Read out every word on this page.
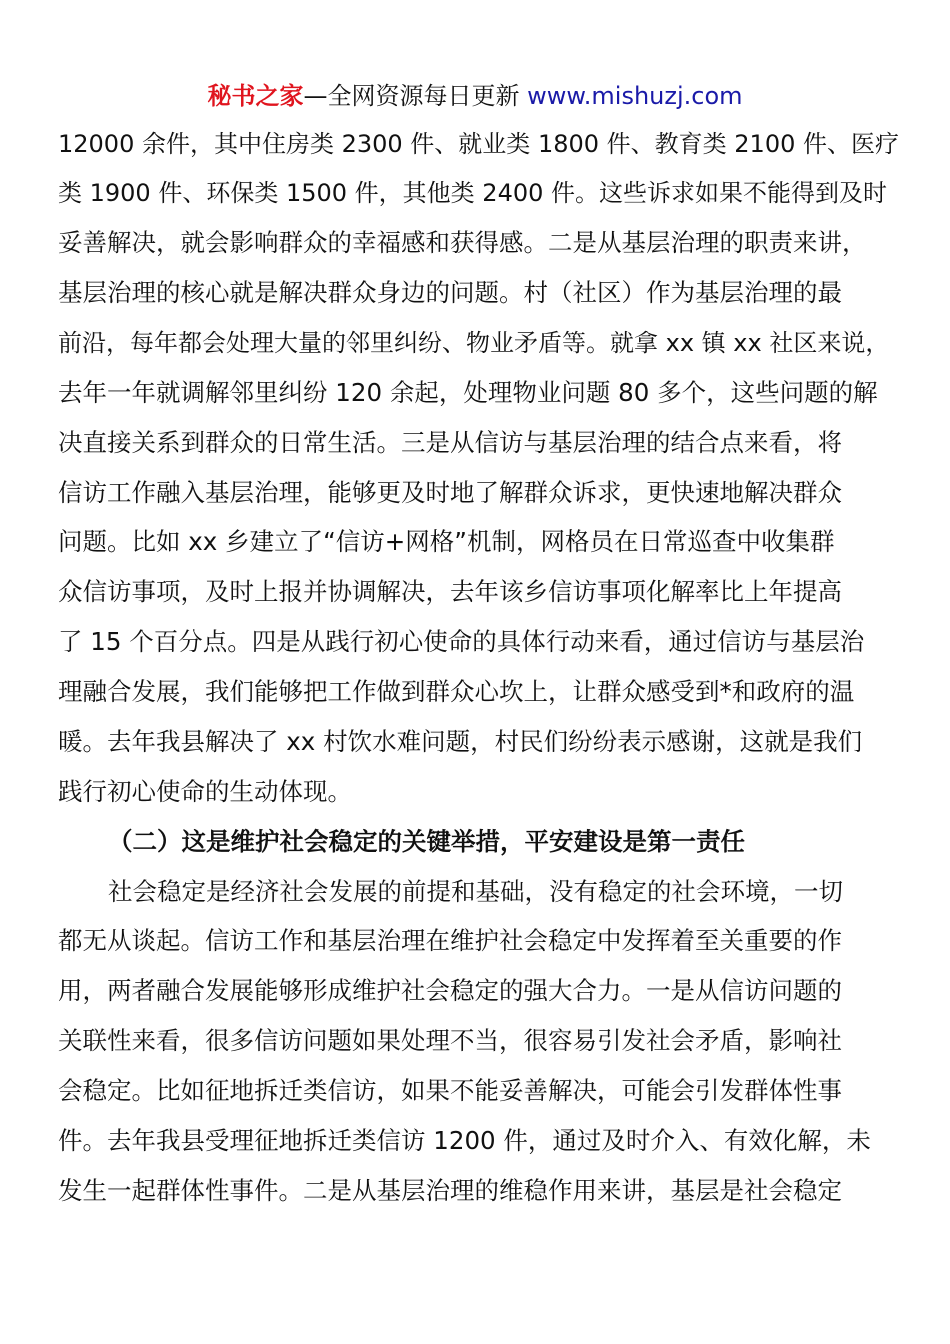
秘书之家—全网资源每日更新 www.mishuzj.com
12000 余件，其中住房类 2300 件、就业类 1800 件、教育类 2100 件、医疗
类 1900 件、环保类 1500 件，其他类 2400 件。这些诉求如果不能得到及时
妥善解决，就会影响群众的幸福感和获得感。二是从基层治理的职责来讲，
基层治理的核心就是解决群众身边的问题。村（社区）作为基层治理的最
前沿，每年都会处理大量的邻里纠纷、物业矛盾等。就拿 xx 镇 xx 社区来说，
去年一年就调解邻里纠纷 120 余起，处理物业问题 80 多个，这些问题的解
决直接关系到群众的日常生活。三是从信访与基层治理的结合点来看，将
信访工作融入基层治理，能够更及时地了解群众诉求，更快速地解决群众
问题。比如 xx 乡建立了“信访+网格”机制，网格员在日常巡查中收集群
众信访事项，及时上报并协调解决，去年该乡信访事项化解率比上年提高
了 15 个百分点。四是从践行初心使命的具体行动来看，通过信访与基层治
理融合发展，我们能够把工作做到群众心坎上，让群众感受到*和政府的温
暖。去年我县解决了 xx 村饮水难问题，村民们纷纷表示感谢，这就是我们
践行初心使命的生动体现。
（二）这是维护社会稳定的关键举措，平安建设是第一责任
社会稳定是经济社会发展的前提和基础，没有稳定的社会环境，一切
都无从谈起。信访工作和基层治理在维护社会稳定中发挥着至关重要的作
用，两者融合发展能够形成维护社会稳定的强大合力。一是从信访问题的
关联性来看，很多信访问题如果处理不当，很容易引发社会矛盾，影响社
会稳定。比如征地拆迁类信访，如果不能妥善解决，可能会引发群体性事
件。去年我县受理征地拆迁类信访 1200 件，通过及时介入、有效化解，未
发生一起群体性事件。二是从基层治理的维稳作用来讲，基层是社会稳定
